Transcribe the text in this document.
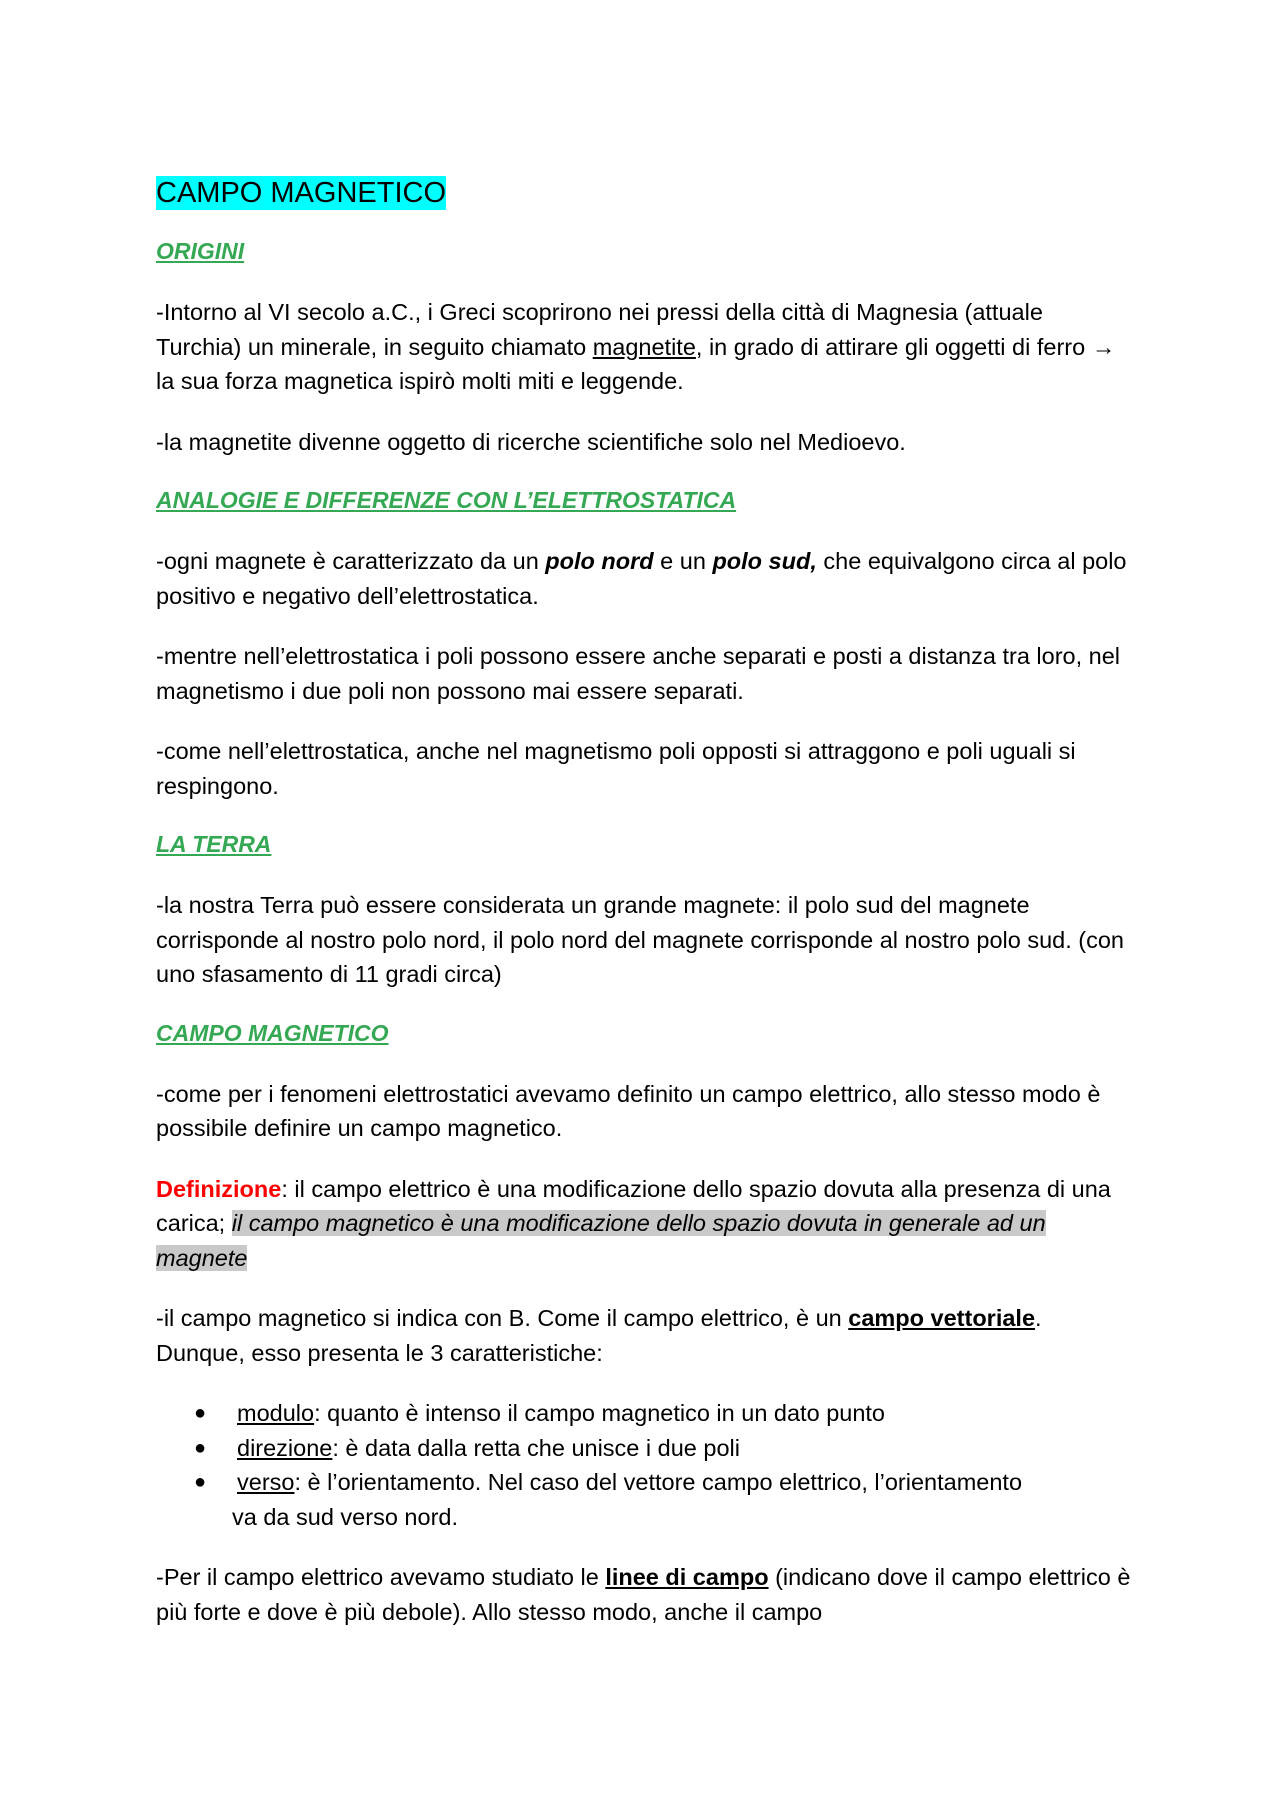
CAMPO MAGNETICO
ORIGINI

-Intorno al VI secolo a.C., i Greci scoprirono nei pressi della città di Magnesia (attuale Turchia) un minerale, in seguito chiamato magnetite, in grado di attirare gli oggetti di ferro → la sua forza magnetica ispirò molti miti e leggende.

-la magnetite divenne oggetto di ricerche scientifiche solo nel Medioevo.

ANALOGIE E DIFFERENZE CON L’ELETTROSTATICA

-ogni magnete è caratterizzato da un polo nord e un polo sud, che equivalgono circa al polo positivo e negativo dell’elettrostatica.

-mentre nell’elettrostatica i poli possono essere anche separati e posti a distanza tra loro, nel magnetismo i due poli non possono mai essere separati.

-come nell’elettrostatica, anche nel magnetismo poli opposti si attraggono e poli uguali si respingono.

LA TERRA

-la nostra Terra può essere considerata un grande magnete: il polo sud del magnete corrisponde al nostro polo nord, il polo nord del magnete corrisponde al nostro polo sud. (con uno sfasamento di 11 gradi circa)

CAMPO MAGNETICO

-come per i fenomeni elettrostatici avevamo definito un campo elettrico, allo stesso modo è possibile definire un campo magnetico.

Definizione: il campo elettrico è una modificazione dello spazio dovuta alla presenza di una carica; il campo magnetico è una modificazione dello spazio dovuta in generale ad un magnete

-il campo magnetico si indica con B. Come il campo elettrico, è un campo vettoriale. Dunque, esso presenta le 3 caratteristiche:

● modulo: quanto è intenso il campo magnetico in un dato punto
● direzione: è data dalla retta che unisce i due poli
● verso: è l’orientamento. Nel caso del vettore campo elettrico, l’orientamento
va da sud verso nord.

-Per il campo elettrico avevamo studiato le linee di campo (indicano dove il campo elettrico è più forte e dove è più debole). Allo stesso modo, anche il campo
